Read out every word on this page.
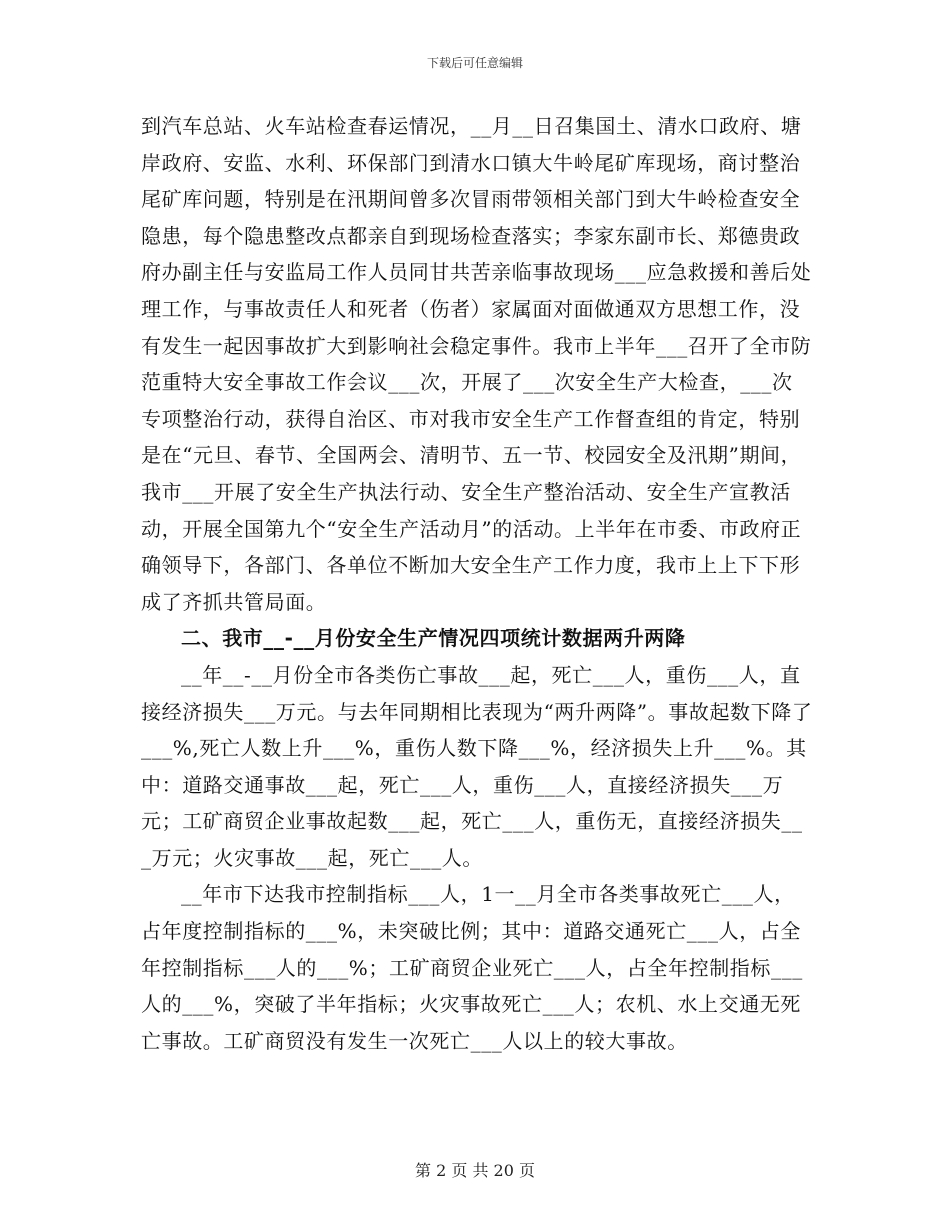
下载后可任意编辑

到汽车总站、火车站检查春运情况，__月__日召集国土、清水口政府、塘岸政府、安监、水利、环保部门到清水口镇大牛岭尾矿库现场，商讨整治尾矿库问题，特别是在汛期间曾多次冒雨带领相关部门到大牛岭检查安全隐患，每个隐患整改点都亲自到现场检查落实；李家东副市长、郑德贵政府办副主任与安监局工作人员同甘共苦亲临事故现场___应急救援和善后处理工作，与事故责任人和死者（伤者）家属面对面做通双方思想工作，没有发生一起因事故扩大到影响社会稳定事件。我市上半年___召开了全市防范重特大安全事故工作会议___次，开展了___次安全生产大检查，___次专项整治行动，获得自治区、市对我市安全生产工作督查组的肯定，特别是在“元旦、春节、全国两会、清明节、五一节、校园安全及汛期”期间，我市___开展了安全生产执法行动、安全生产整治活动、安全生产宣教活动，开展全国第九个“安全生产活动月”的活动。上半年在市委、市政府正确领导下，各部门、各单位不断加大安全生产工作力度，我市上上下下形成了齐抓共管局面。

二、我市__-__月份安全生产情况四项统计数据两升两降

__年__-__月份全市各类伤亡事故___起，死亡___人，重伤___人，直接经济损失___万元。与去年同期相比表现为“两升两降”。事故起数下降了___%,死亡人数上升___%，重伤人数下降___%，经济损失上升___%。其中：道路交通事故___起，死亡___人，重伤___人，直接经济损失___万元；工矿商贸企业事故起数___起，死亡___人，重伤无，直接经济损失___万元；火灾事故___起，死亡___人。

__年市下达我市控制指标___人，1一__月全市各类事故死亡___人，占年度控制指标的___%，未突破比例；其中：道路交通死亡___人，占全年控制指标___人的___%；工矿商贸企业死亡___人，占全年控制指标___人的___%，突破了半年指标；火灾事故死亡___人；农机、水上交通无死亡事故。工矿商贸没有发生一次死亡___人以上的较大事故。

第 2 页 共 20 页
